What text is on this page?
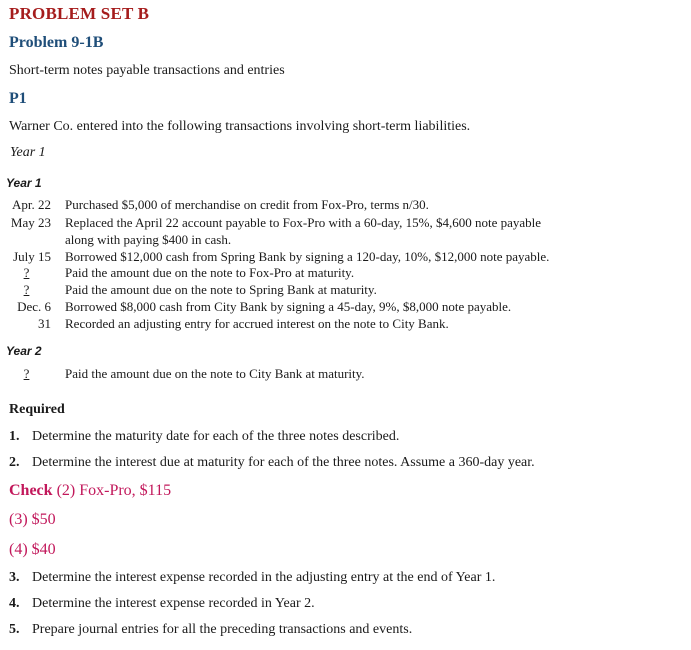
PROBLEM SET B
Problem 9-1B
Short-term notes payable transactions and entries
P1
Warner Co. entered into the following transactions involving short-term liabilities.
Year 1
Year 1
Apr. 22 Purchased $5,000 of merchandise on credit from Fox-Pro, terms n/30.
May 23 Replaced the April 22 account payable to Fox-Pro with a 60-day, 15%, $4,600 note payable
along with paying $400 in cash.
July 15 Borrowed $12,000 cash from Spring Bank by signing a 120-day, 10%, $12,000 note payable.
?	Paid the amount due on the note to Fox-Pro at maturity.
?	Paid the amount due on the note to Spring Bank at maturity.
Dec. 6 Borrowed $8,000 cash from City Bank by signing a 45-day, 9%, $8,000 note payable.
31 Recorded an adjusting entry for accrued interest on the note to City Bank.
Year 2
?	Paid the amount due on the note to City Bank at maturity.
Required
1. Determine the maturity date for each of the three notes described.
2. Determine the interest due at maturity for each of the three notes. Assume a 360-day year.
Check (2) Fox-Pro, $115
(3) $50
(4) $40
3. Determine the interest expense recorded in the adjusting entry at the end of Year 1.
4. Determine the interest expense recorded in Year 2.
5. Prepare journal entries for all the preceding transactions and events.
